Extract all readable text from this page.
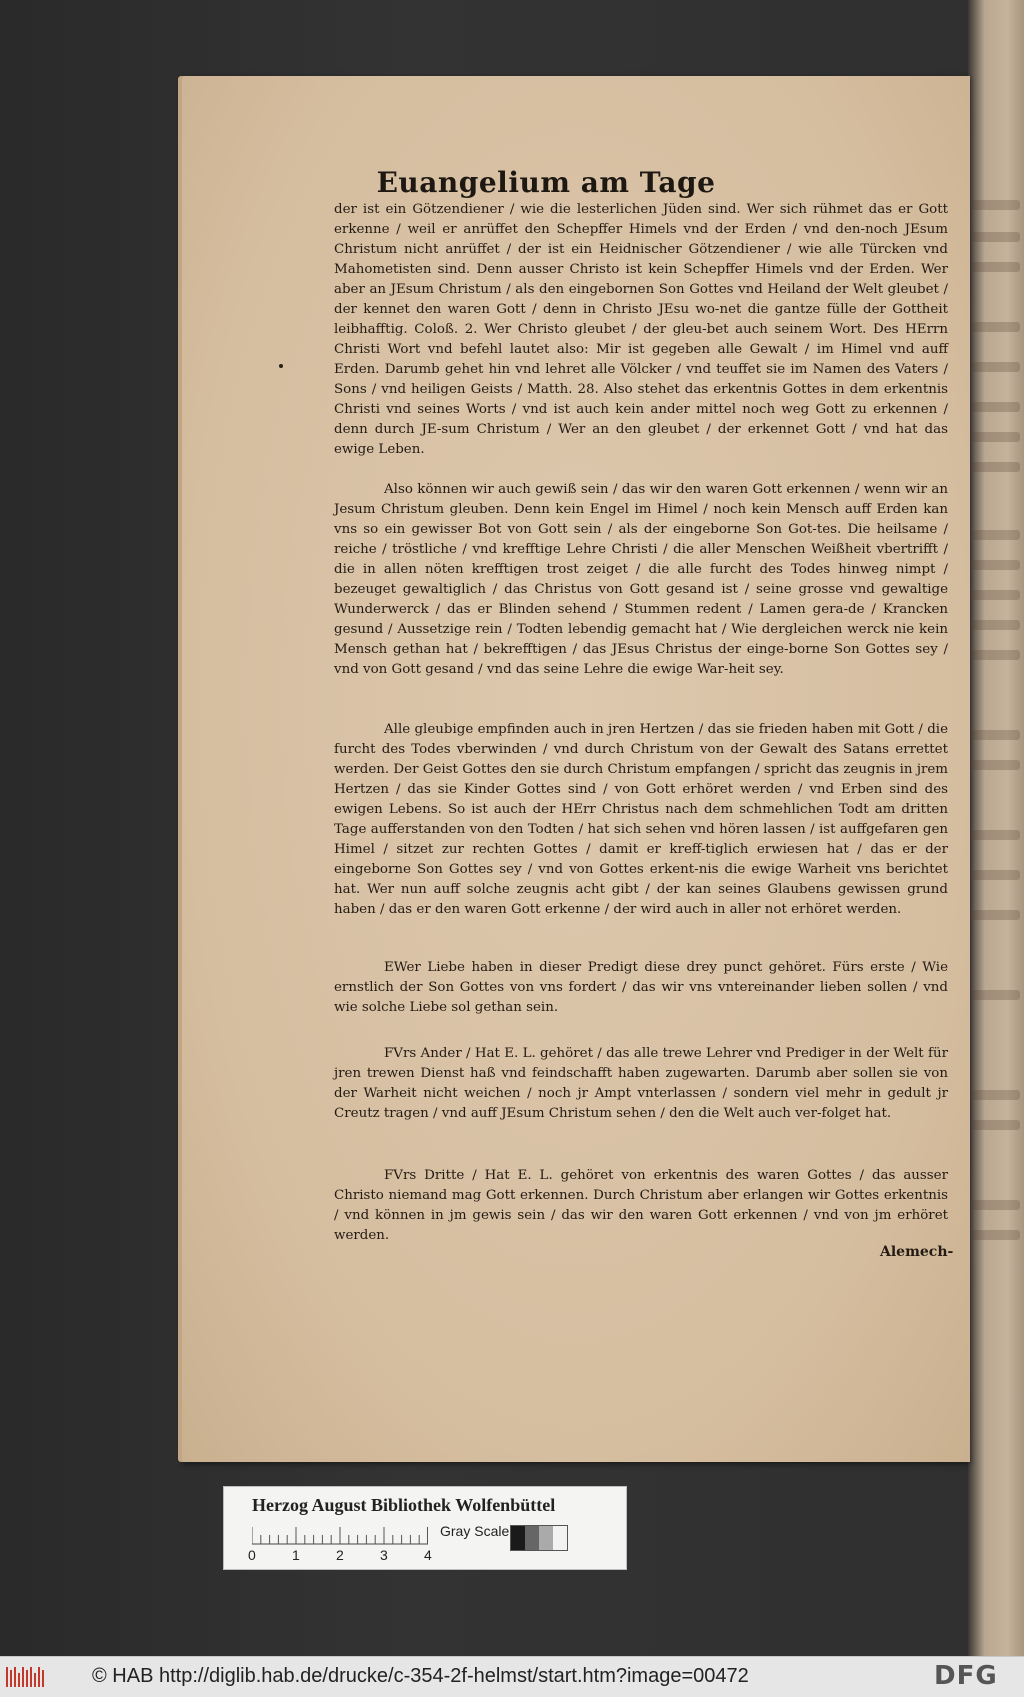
Euangelium am Tage
der ist ein Götzendiener / wie die lesterlichen Jüden sind. Wer sich rühmet das er Gott erkenne / weil er anrüffet den Schepffer Himels vnd der Erden / vnd den-noch JEsum Christum nicht anrüffet / der ist ein Heidnischer Götzendiener / wie alle Türcken vnd Mahometisten sind. Denn ausser Christo ist kein Schepffer Himels vnd der Erden. Wer aber an JEsum Christum / als den eingebornen Son Gottes vnd Heiland der Welt gleubet / der kennet den waren Gott / denn in Christo JEsu wo-net die gantze fülle der Gottheit leibhafftig. Coloß. 2. Wer Christo gleubet / der gleu-bet auch seinem Wort. Des HErrn Christi Wort vnd befehl lautet also: Mir ist gegeben alle Gewalt / im Himel vnd auff Erden. Darumb gehet hin vnd lehret alle Völcker / vnd teuffet sie im Namen des Vaters / Sons / vnd heiligen Geists / Matth. 28. Also stehet das erkentnis Gottes in dem erkentnis Christi vnd seines Worts / vnd ist auch kein ander mittel noch weg Gott zu erkennen / denn durch JE-sum Christum / Wer an den gleubet / der erkennet Gott / vnd hat das ewige Leben.
Also können wir auch gewiß sein / das wir den waren Gott erkennen / wenn wir an Jesum Christum gleuben. Denn kein Engel im Himel / noch kein Mensch auff Erden kan vns so ein gewisser Bot von Gott sein / als der eingeborne Son Got-tes. Die heilsame / reiche / tröstliche / vnd krefftige Lehre Christi / die aller Menschen Weißheit vbertrifft / die in allen nöten krefftigen trost zeiget / die alle furcht des Todes hinweg nimpt / bezeuget gewaltiglich / das Christus von Gott gesand ist / seine grosse vnd gewaltige Wunderwerck / das er Blinden sehend / Stummen redent / Lamen gera-de / Krancken gesund / Aussetzige rein / Todten lebendig gemacht hat / Wie dergleichen werck nie kein Mensch gethan hat / bekrefftigen / das JEsus Christus der einge-borne Son Gottes sey / vnd von Gott gesand / vnd das seine Lehre die ewige War-heit sey.
Alle gleubige empfinden auch in jren Hertzen / das sie frieden haben mit Gott / die furcht des Todes vberwinden / vnd durch Christum von der Gewalt des Satans errettet werden. Der Geist Gottes den sie durch Christum empfangen / spricht das zeugnis in jrem Hertzen / das sie Kinder Gottes sind / von Gott erhöret werden / vnd Erben sind des ewigen Lebens. So ist auch der HErr Christus nach dem schmehlichen Todt am dritten Tage aufferstanden von den Todten / hat sich sehen vnd hören lassen / ist auffgefaren gen Himel / sitzet zur rechten Gottes / damit er kreff-tiglich erwiesen hat / das er der eingeborne Son Gottes sey / vnd von Gottes erkent-nis die ewige Warheit vns berichtet hat. Wer nun auff solche zeugnis acht gibt / der kan seines Glaubens gewissen grund haben / das er den waren Gott erkenne / der wird auch in aller not erhöret werden.
EWer Liebe haben in dieser Predigt diese drey punct gehöret. Fürs erste / Wie ernstlich der Son Gottes von vns fordert / das wir vns vntereinander lieben sollen / vnd wie solche Liebe sol gethan sein.
FVrs Ander / Hat E. L. gehöret / das alle trewe Lehrer vnd Prediger in der Welt für jren trewen Dienst haß vnd feindschafft haben zugewarten. Darumb aber sollen sie von der Warheit nicht weichen / noch jr Ampt vnterlassen / sondern viel mehr in gedult jr Creutz tragen / vnd auff JEsum Christum sehen / den die Welt auch ver-folget hat.
FVrs Dritte / Hat E. L. gehöret von erkentnis des waren Gottes / das ausser Christo niemand mag Gott erkennen. Durch Christum aber erlangen wir Gottes erkentnis / vnd können in jm gewis sein / das wir den waren Gott erkennen / vnd von jm erhöret werden.
Alemech-
Herzog August Bibliothek Wolfenbüttel
0	1	2	3	4
Gray Scale
© HAB http://diglib.hab.de/drucke/c-354-2f-helmst/start.htm?image=00472	DFG
